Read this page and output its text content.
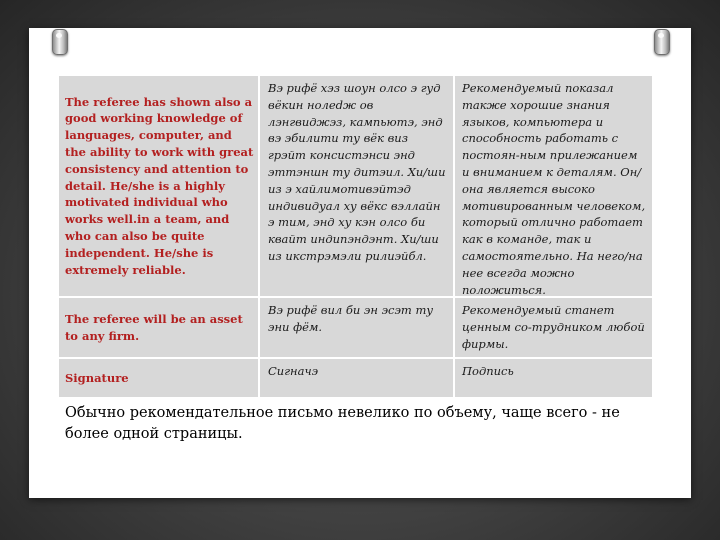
The referee has shown also a good working knowledge of languages, computer, and the ability to work with great consistency and attention to detail. He/she is a highly motivated individual who works well.in a team, and who can also be quite independent. He/she is extremely reliable.
Вэ рифё хэз шоун олсо э гуд вёкин нолedж ов лэнгвиджэз, кампьютэ, энд вэ эбилити ту вёк виз грэйт консистэнси энд эттэншн ту дитэил. Хи/ши из э хайлимотивэйтэд индивидуал ху вёкс вэллайн э тим, энд ху кэн олсо би квайт индипэндэнт. Хи/ши из икстрэмэли рилиэйбл.
Рекомендуемый показал также хорошие знания языков, компьютера и способность работать с постоян-ным прилежанием и вниманием к деталям. Он/она является высоко мотивированным человеком, который отлично работает как в команде, так и самостоятельно. На него/на нее всегда можно положиться.
The referee will be an asset to any firm.
Вэ рифё вил би эн эсэт ту эни фём.
Рекомендуемый станет ценным со-трудником любой фирмы.
Signature	Сигначэ	Подпись
Обычно рекомендательное письмо невелико по объему, чаще всего - не более одной страницы.
